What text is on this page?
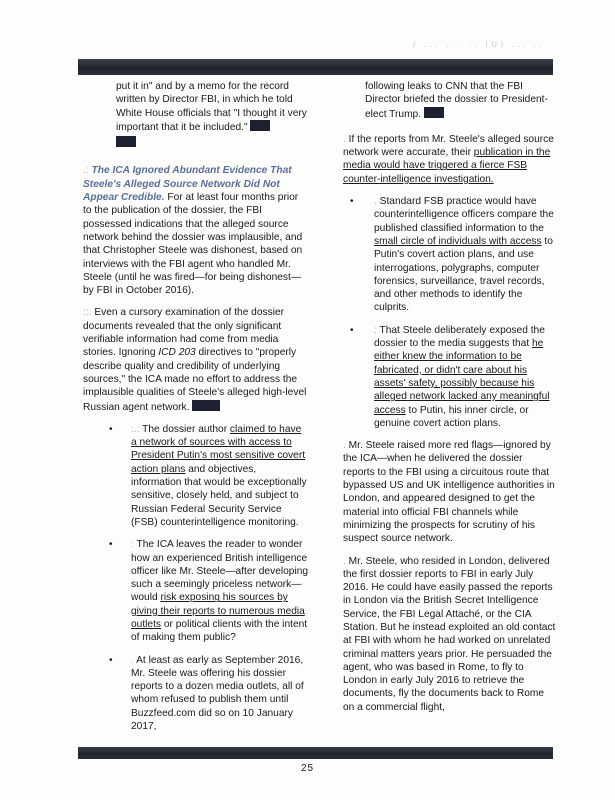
/ ... ... .. (U) ... ..

put it in" and by a memo for the record written by Director FBI, in which he told White House officials that "I thought it very important that it be included."

.: The ICA Ignored Abundant Evidence That Steele's Alleged Source Network Did Not Appear Credible. For at least four months prior to the publication of the dossier, the FBI possessed indications that the alleged source network behind the dossier was implausible, and that Christopher Steele was dishonest, based on interviews with the FBI agent who handled Mr. Steele (until he was fired—for being dishonest—by FBI in October 2016).

::: Even a cursory examination of the dossier documents revealed that the only significant verifiable information had come from media stories. Ignoring ICD 203 directives to "properly describe quality and credibility of underlying sources," the ICA made no effort to address the implausible qualities of Steele's alleged high-level Russian agent network.

• :.: The dossier author claimed to have a network of sources with access to President Putin's most sensitive covert action plans and objectives, information that would be exceptionally sensitive, closely held, and subject to Russian Federal Security Service (FSB) counterintelligence monitoring.
• : The ICA leaves the reader to wonder how an experienced British intelligence officer like Mr. Steele—after developing such a seemingly priceless network—would risk exposing his sources by giving their reports to numerous media outlets or political clients with the intent of making them public?
• . At least as early as September 2016, Mr. Steele was offering his dossier reports to a dozen media outlets, all of whom refused to publish them until Buzzfeed.com did so on 10 January 2017,

following leaks to CNN that the FBI Director briefed the dossier to President-elect Trump.

. If the reports from Mr. Steele's alleged source network were accurate, their publication in the media would have triggered a fierce FSB counter-intelligence investigation.

• . Standard FSB practice would have counterintelligence officers compare the published classified information to the small circle of individuals with access to Putin's covert action plans, and use interrogations, polygraphs, computer forensics, surveillance, travel records, and other methods to identify the culprits.
• : That Steele deliberately exposed the dossier to the media suggests that he either knew the information to be fabricated, or didn't care about his assets' safety, possibly because his alleged network lacked any meaningful access to Putin, his inner circle, or genuine covert action plans.

. Mr. Steele raised more red flags—ignored by the ICA—when he delivered the dossier reports to the FBI using a circuitous route that bypassed US and UK intelligence authorities in London, and appeared designed to get the material into official FBI channels while minimizing the prospects for scrutiny of his suspect source network.

. Mr. Steele, who resided in London, delivered the first dossier reports to FBI in early July 2016. He could have easily passed the reports in London via the British Secret Intelligence Service, the FBI Legal Attaché, or the CIA Station. But he instead exploited an old contact at FBI with whom he had worked on unrelated criminal matters years prior. He persuaded the agent, who was based in Rome, to fly to London in early July 2016 to retrieve the documents, fly the documents back to Rome on a commercial flight,

25
